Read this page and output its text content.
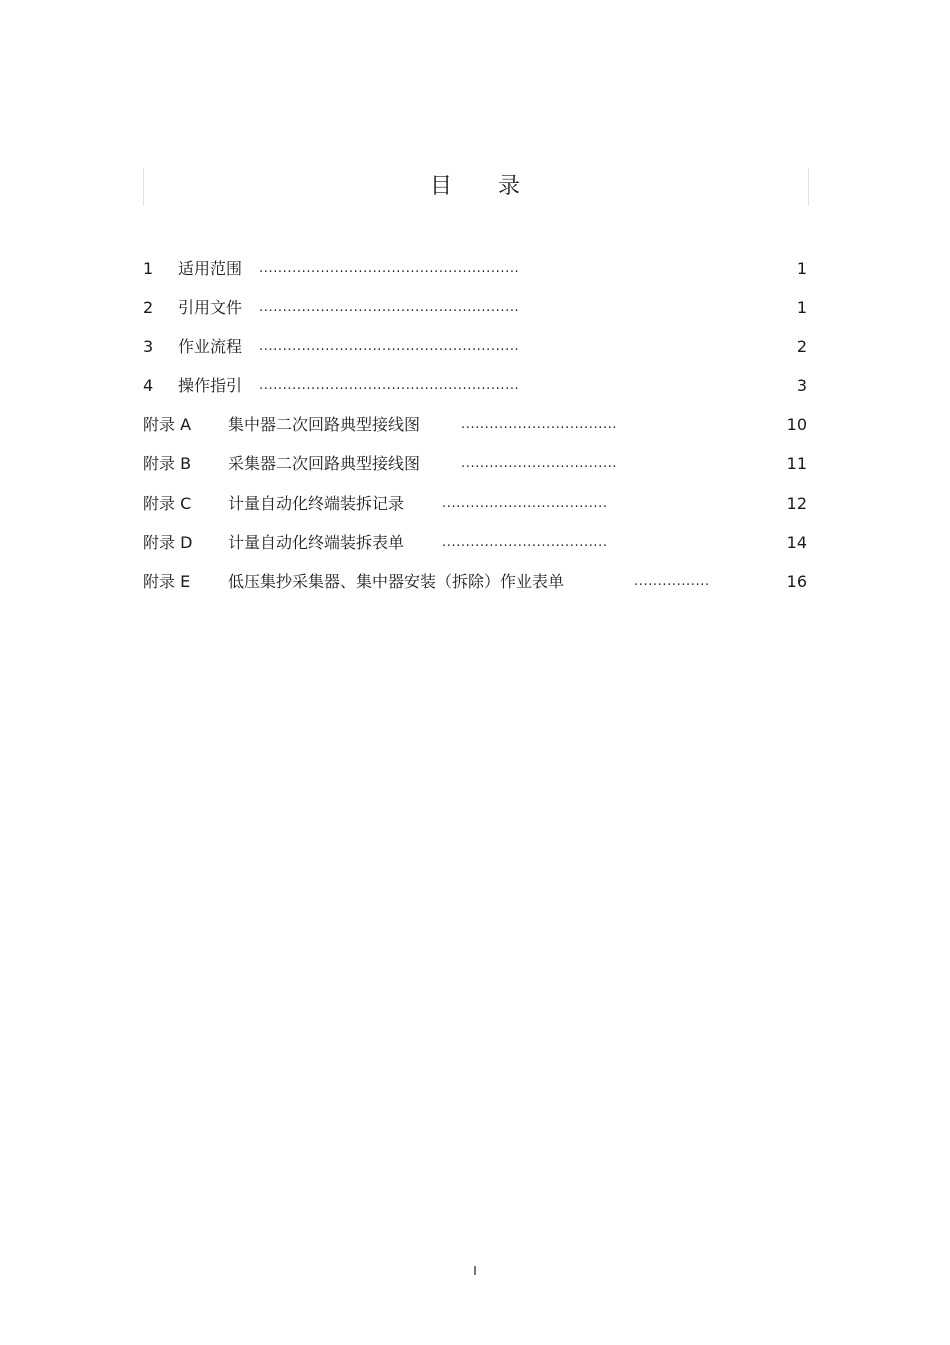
目 录
1 适用范围 .......................................................	1
2 引用文件 .......................................................	1
3 作业流程 .......................................................	2
4 操作指引 .......................................................	3
附录 A 集中器二次回路典型接线图	.................................	10
附录 B 采集器二次回路典型接线图	.................................	11
附录 C 计量自动化终端装拆记录	...................................	12
附录 D 计量自动化终端装拆表单	...................................	14
附录 E 低压集抄采集器、集中器安装（拆除）作业表单	................	16
I
